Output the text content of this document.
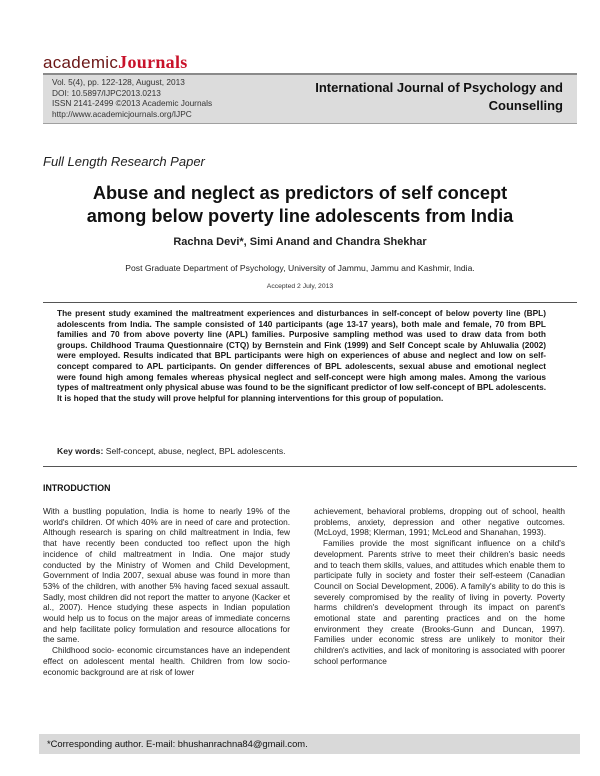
academicJournals
Vol. 5(4), pp. 122-128, August, 2013
DOI: 10.5897/IJPC2013.0213
ISSN 2141-2499 ©2013 Academic Journals
http://www.academicjournals.org/IJPC
International Journal of Psychology and
Counselling
Full Length Research Paper
Abuse and neglect as predictors of self concept
among below poverty line adolescents from India
Rachna Devi*, Simi Anand and Chandra Shekhar
Post Graduate Department of Psychology, University of Jammu, Jammu and Kashmir, India.
Accepted 2 July, 2013
The present study examined the maltreatment experiences and disturbances in self-concept of below poverty line (BPL) adolescents from India. The sample consisted of 140 participants (age 13-17 years), both male and female, 70 from BPL families and 70 from above poverty line (APL) families. Purposive sampling method was used to draw data from both groups. Childhood Trauma Questionnaire (CTQ) by Bernstein and Fink (1999) and Self Concept scale by Ahluwalia (2002) were employed. Results indicated that BPL participants were high on experiences of abuse and neglect and low on self-concept compared to APL participants. On gender differences of BPL adolescents, sexual abuse and emotional neglect were found high among females whereas physical neglect and self-concept were high among males. Among the various types of maltreatment only physical abuse was found to be the significant predictor of low self-concept of BPL adolescents. It is hoped that the study will prove helpful for planning interventions for this group of population.
Key words: Self-concept, abuse, neglect, BPL adolescents.
INTRODUCTION

With a bustling population, India is home to nearly 19% of the world's children. Of which 40% are in need of care and protection. Although research is sparing on child maltreatment in India, few that have recently been conducted too reflect upon the high incidence of child maltreatment in India. One major study conducted by the Ministry of Women and Child Development, Government of India 2007, sexual abuse was found in more than 53% of the children, with another 5% having faced sexual assault. Sadly, most children did not report the matter to anyone (Kacker et al., 2007). Hence studying these aspects in Indian population would help us to focus on the major areas of immediate concerns and help facilitate policy formulation and resource allocations for the same.

Childhood socio- economic circumstances have an independent effect on adolescent mental health. Children from low socio-economic background are at risk of lower

achievement, behavioral problems, dropping out of school, health problems, anxiety, depression and other negative outcomes. (McLoyd, 1998; Klerman, 1991; McLeod and Shanahan, 1993).

Families provide the most significant influence on a child's development. Parents strive to meet their children's basic needs and to teach them skills, values, and attitudes which enable them to participate fully in society and foster their self-esteem (Canadian Council on Social Development, 2006). A family's ability to do this is severely compromised by the reality of living in poverty. Poverty harms children's development through its impact on parent's emotional state and parenting practices and on the home environment they create (Brooks-Gunn and Duncan, 1997). Families under economic stress are unlikely to monitor their children's activities, and lack of monitoring is associated with poorer school performance

*Corresponding author. E-mail: bhushanrachna84@gmail.com.
